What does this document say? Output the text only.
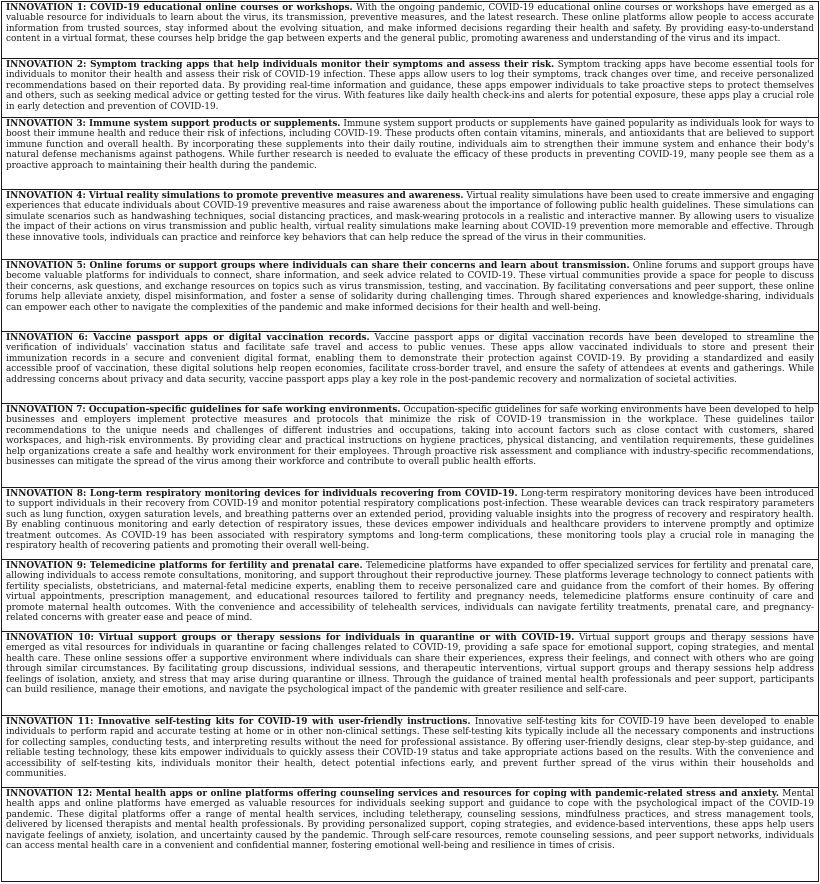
INNOVATION 1: COVID-19 educational online courses or workshops. With the ongoing pandemic, COVID-19 educational online courses or workshops have emerged as a valuable resource for individuals to learn about the virus, its transmission, preventive measures, and the latest research. These online platforms allow people to access accurate information from trusted sources, stay informed about the evolving situation, and make informed decisions regarding their health and safety. By providing easy-to-understand content in a virtual format, these courses help bridge the gap between experts and the general public, promoting awareness and understanding of the virus and its impact.
INNOVATION 2: Symptom tracking apps that help individuals monitor their symptoms and assess their risk. Symptom tracking apps have become essential tools for individuals to monitor their health and assess their risk of COVID-19 infection. These apps allow users to log their symptoms, track changes over time, and receive personalized recommendations based on their reported data. By providing real-time information and guidance, these apps empower individuals to take proactive steps to protect themselves and others, such as seeking medical advice or getting tested for the virus. With features like daily health check-ins and alerts for potential exposure, these apps play a crucial role in early detection and prevention of COVID-19.
INNOVATION 3: Immune system support products or supplements. Immune system support products or supplements have gained popularity as individuals look for ways to boost their immune health and reduce their risk of infections, including COVID-19. These products often contain vitamins, minerals, and antioxidants that are believed to support immune function and overall health. By incorporating these supplements into their daily routine, individuals aim to strengthen their immune system and enhance their body's natural defense mechanisms against pathogens. While further research is needed to evaluate the efficacy of these products in preventing COVID-19, many people see them as a proactive approach to maintaining their health during the pandemic.
INNOVATION 4: Virtual reality simulations to promote preventive measures and awareness. Virtual reality simulations have been used to create immersive and engaging experiences that educate individuals about COVID-19 preventive measures and raise awareness about the importance of following public health guidelines. These simulations can simulate scenarios such as handwashing techniques, social distancing practices, and mask-wearing protocols in a realistic and interactive manner. By allowing users to visualize the impact of their actions on virus transmission and public health, virtual reality simulations make learning about COVID-19 prevention more memorable and effective. Through these innovative tools, individuals can practice and reinforce key behaviors that can help reduce the spread of the virus in their communities.
INNOVATION 5: Online forums or support groups where individuals can share their concerns and learn about transmission. Online forums and support groups have become valuable platforms for individuals to connect, share information, and seek advice related to COVID-19. These virtual communities provide a space for people to discuss their concerns, ask questions, and exchange resources on topics such as virus transmission, testing, and vaccination. By facilitating conversations and peer support, these online forums help alleviate anxiety, dispel misinformation, and foster a sense of solidarity during challenging times. Through shared experiences and knowledge-sharing, individuals can empower each other to navigate the complexities of the pandemic and make informed decisions for their health and well-being.
INNOVATION 6: Vaccine passport apps or digital vaccination records. Vaccine passport apps or digital vaccination records have been developed to streamline the verification of individuals' vaccination status and facilitate safe travel and access to public venues. These apps allow vaccinated individuals to store and present their immunization records in a secure and convenient digital format, enabling them to demonstrate their protection against COVID-19. By providing a standardized and easily accessible proof of vaccination, these digital solutions help reopen economies, facilitate cross-border travel, and ensure the safety of attendees at events and gatherings. While addressing concerns about privacy and data security, vaccine passport apps play a key role in the post-pandemic recovery and normalization of societal activities.
INNOVATION 7: Occupation-specific guidelines for safe working environments. Occupation-specific guidelines for safe working environments have been developed to help businesses and employers implement protective measures and protocols that minimize the risk of COVID-19 transmission in the workplace. These guidelines tailor recommendations to the unique needs and challenges of different industries and occupations, taking into account factors such as close contact with customers, shared workspaces, and high-risk environments. By providing clear and practical instructions on hygiene practices, physical distancing, and ventilation requirements, these guidelines help organizations create a safe and healthy work environment for their employees. Through proactive risk assessment and compliance with industry-specific recommendations, businesses can mitigate the spread of the virus among their workforce and contribute to overall public health efforts.
INNOVATION 8: Long-term respiratory monitoring devices for individuals recovering from COVID-19. Long-term respiratory monitoring devices have been introduced to support individuals in their recovery from COVID-19 and monitor potential respiratory complications post-infection. These wearable devices can track respiratory parameters such as lung function, oxygen saturation levels, and breathing patterns over an extended period, providing valuable insights into the progress of recovery and respiratory health. By enabling continuous monitoring and early detection of respiratory issues, these devices empower individuals and healthcare providers to intervene promptly and optimize treatment outcomes. As COVID-19 has been associated with respiratory symptoms and long-term complications, these monitoring tools play a crucial role in managing the respiratory health of recovering patients and promoting their overall well-being.
INNOVATION 9: Telemedicine platforms for fertility and prenatal care. Telemedicine platforms have expanded to offer specialized services for fertility and prenatal care, allowing individuals to access remote consultations, monitoring, and support throughout their reproductive journey. These platforms leverage technology to connect patients with fertility specialists, obstetricians, and maternal-fetal medicine experts, enabling them to receive personalized care and guidance from the comfort of their homes. By offering virtual appointments, prescription management, and educational resources tailored to fertility and pregnancy needs, telemedicine platforms ensure continuity of care and promote maternal health outcomes. With the convenience and accessibility of telehealth services, individuals can navigate fertility treatments, prenatal care, and pregnancy-related concerns with greater ease and peace of mind.
INNOVATION 10: Virtual support groups or therapy sessions for individuals in quarantine or with COVID-19. Virtual support groups and therapy sessions have emerged as vital resources for individuals in quarantine or facing challenges related to COVID-19, providing a safe space for emotional support, coping strategies, and mental health care. These online sessions offer a supportive environment where individuals can share their experiences, express their feelings, and connect with others who are going through similar circumstances. By facilitating group discussions, individual sessions, and therapeutic interventions, virtual support groups and therapy sessions help address feelings of isolation, anxiety, and stress that may arise during quarantine or illness. Through the guidance of trained mental health professionals and peer support, participants can build resilience, manage their emotions, and navigate the psychological impact of the pandemic with greater resilience and self-care.
INNOVATION 11: Innovative self-testing kits for COVID-19 with user-friendly instructions. Innovative self-testing kits for COVID-19 have been developed to enable individuals to perform rapid and accurate testing at home or in other non-clinical settings. These self-testing kits typically include all the necessary components and instructions for collecting samples, conducting tests, and interpreting results without the need for professional assistance. By offering user-friendly designs, clear step-by-step guidance, and reliable testing technology, these kits empower individuals to quickly assess their COVID-19 status and take appropriate actions based on the results. With the convenience and accessibility of self-testing kits, individuals monitor their health, detect potential infections early, and prevent further spread of the virus within their households and communities.
INNOVATION 12: Mental health apps or online platforms offering counseling services and resources for coping with pandemic-related stress and anxiety. Mental health apps and online platforms have emerged as valuable resources for individuals seeking support and guidance to cope with the psychological impact of the COVID-19 pandemic. These digital platforms offer a range of mental health services, including teletherapy, counseling sessions, mindfulness practices, and stress management tools, delivered by licensed therapists and mental health professionals. By providing personalized support, coping strategies, and evidence-based interventions, these apps help users navigate feelings of anxiety, isolation, and uncertainty caused by the pandemic. Through self-care resources, remote counseling sessions, and peer support networks, individuals can access mental health care in a convenient and confidential manner, fostering emotional well-being and resilience in times of crisis.
